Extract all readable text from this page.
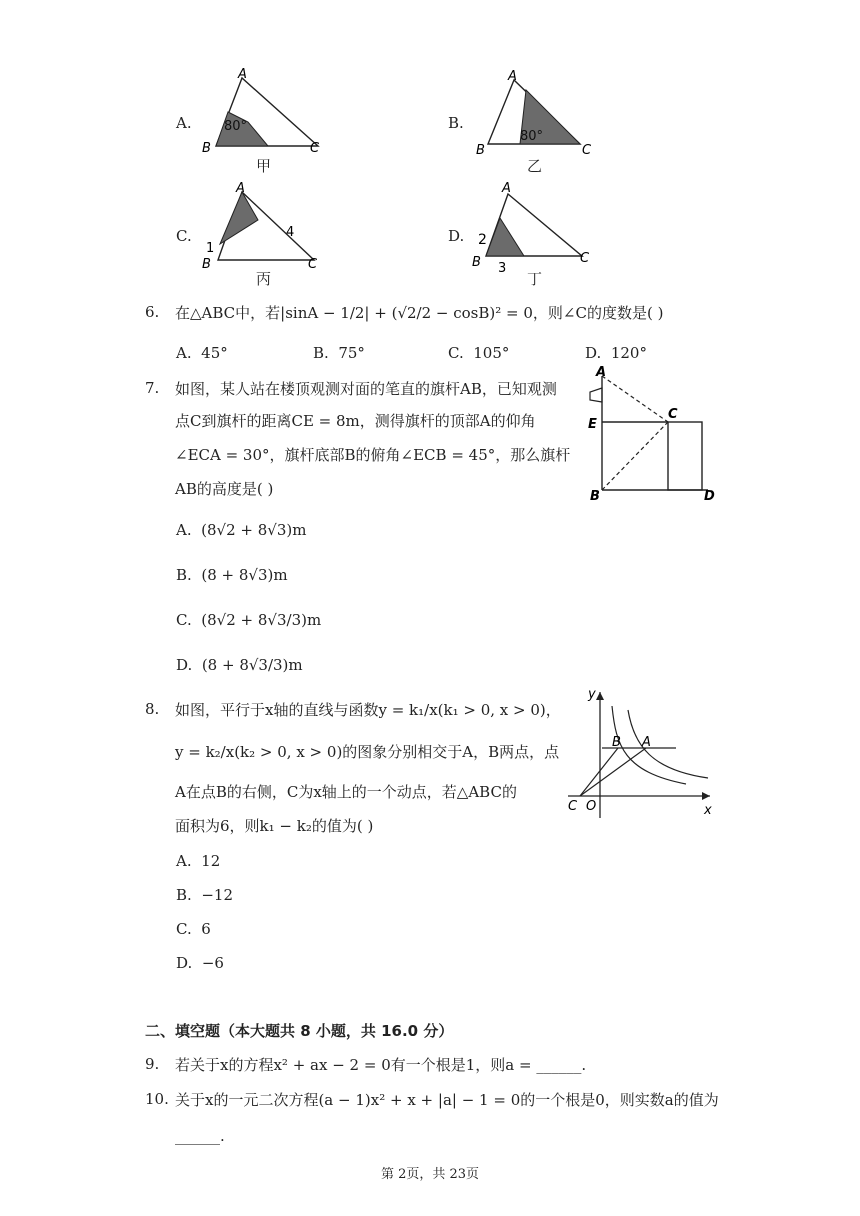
A.
A
B	C
80°
甲
B.
A
B	C
80°
乙
C.
A
B	C
1
4
丙
D.
A
B	C
2
3
丁
6. 在△ABC中，若|sinA − 1/2| + (√2/2 − cosB)² = 0，则∠C的度数是( )
A. 45°	B. 75°	C. 105°	D. 120°
7. 如图，某人站在楼顶观测对面的笔直的旗杆AB，已知观测
点C到旗杆的距离CE = 8m，测得旗杆的顶部A的仰角
∠ECA = 30°，旗杆底部B的俯角∠ECB = 45°，那么旗杆
AB的高度是( )
A. (8√2 + 8√3)m
B. (8 + 8√3)m
C. (8√2 + 8√3/3)m
D. (8 + 8√3/3)m
A
B
C
D
E
8. 如图，平行于x轴的直线与函数y = k₁/x(k₁ > 0, x > 0)，
y = k₂/x(k₂ > 0, x > 0)的图象分别相交于A，B两点，点
A在点B的右侧，C为x轴上的一个动点，若△ABC的
面积为6，则k₁ − k₂的值为( )
A. 12
B. −12
C. 6
D. −6
y
x
O
B A
C
二、填空题（本大题共 8 小题，共 16.0 分）
9. 若关于x的方程x² + ax − 2 = 0有一个根是1，则a = ______.
10. 关于x的一元二次方程(a − 1)x² + x + |a| − 1 = 0的一个根是0，则实数a的值为
______.
第 2页，共 23页
